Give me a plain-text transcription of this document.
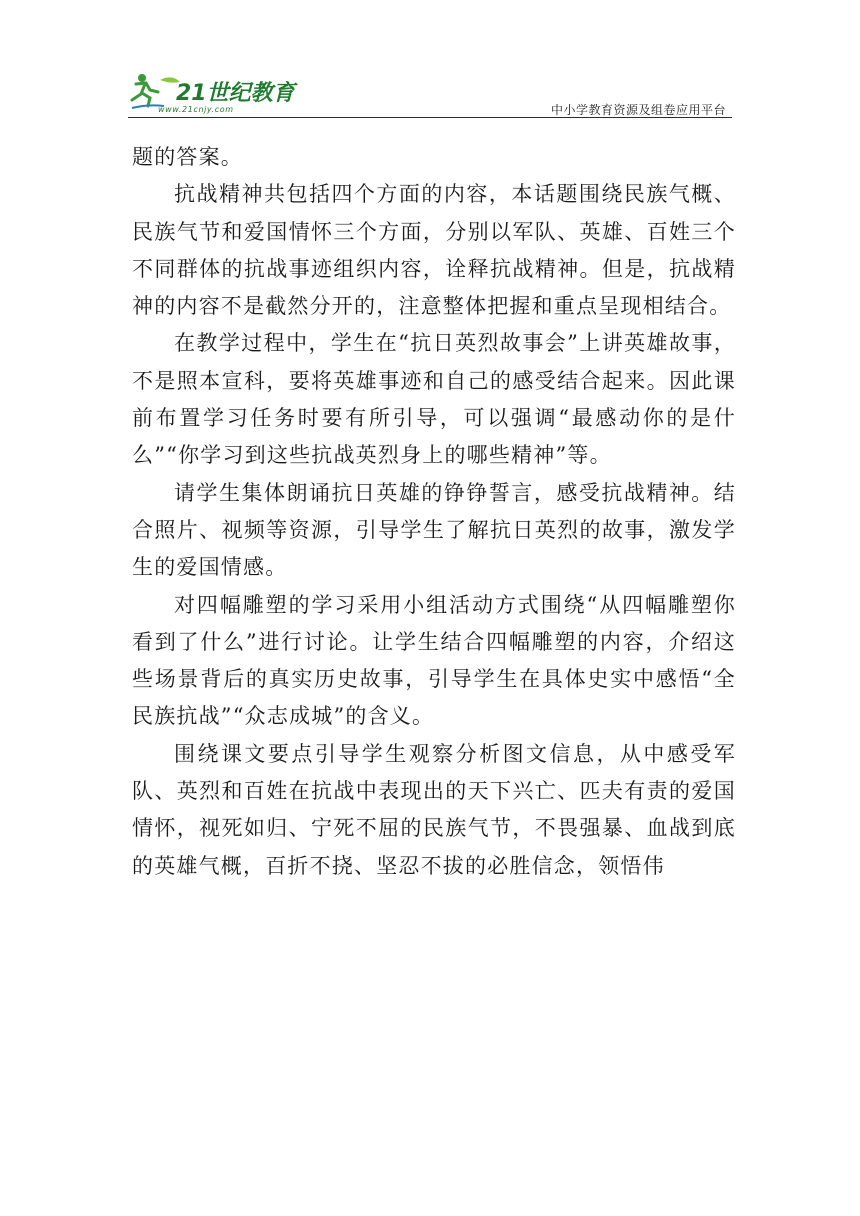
21世纪教育
www.21cnjy.com	中小学教育资源及组卷应用平台

题的答案。

抗战精神共包括四个方面的内容，本话题围绕民族气概、民族气节和爱国情怀三个方面，分别以军队、英雄、百姓三个不同群体的抗战事迹组织内容，诠释抗战精神。但是，抗战精神的内容不是截然分开的，注意整体把握和重点呈现相结合。

在教学过程中，学生在“抗日英烈故事会”上讲英雄故事，不是照本宣科，要将英雄事迹和自己的感受结合起来。因此课前布置学习任务时要有所引导，可以强调“最感动你的是什么”“你学习到这些抗战英烈身上的哪些精神”等。

请学生集体朗诵抗日英雄的铮铮誓言，感受抗战精神。结合照片、视频等资源，引导学生了解抗日英烈的故事，激发学生的爱国情感。

对四幅雕塑的学习采用小组活动方式围绕“从四幅雕塑你看到了什么”进行讨论。让学生结合四幅雕塑的内容，介绍这些场景背后的真实历史故事，引导学生在具体史实中感悟“全民族抗战”“众志成城”的含义。

围绕课文要点引导学生观察分析图文信息，从中感受军队、英烈和百姓在抗战中表现出的天下兴亡、匹夫有责的爱国情怀，视死如归、宁死不屈的民族气节，不畏强暴、血战到底的英雄气概，百折不挠、坚忍不拔的必胜信念，领悟伟
